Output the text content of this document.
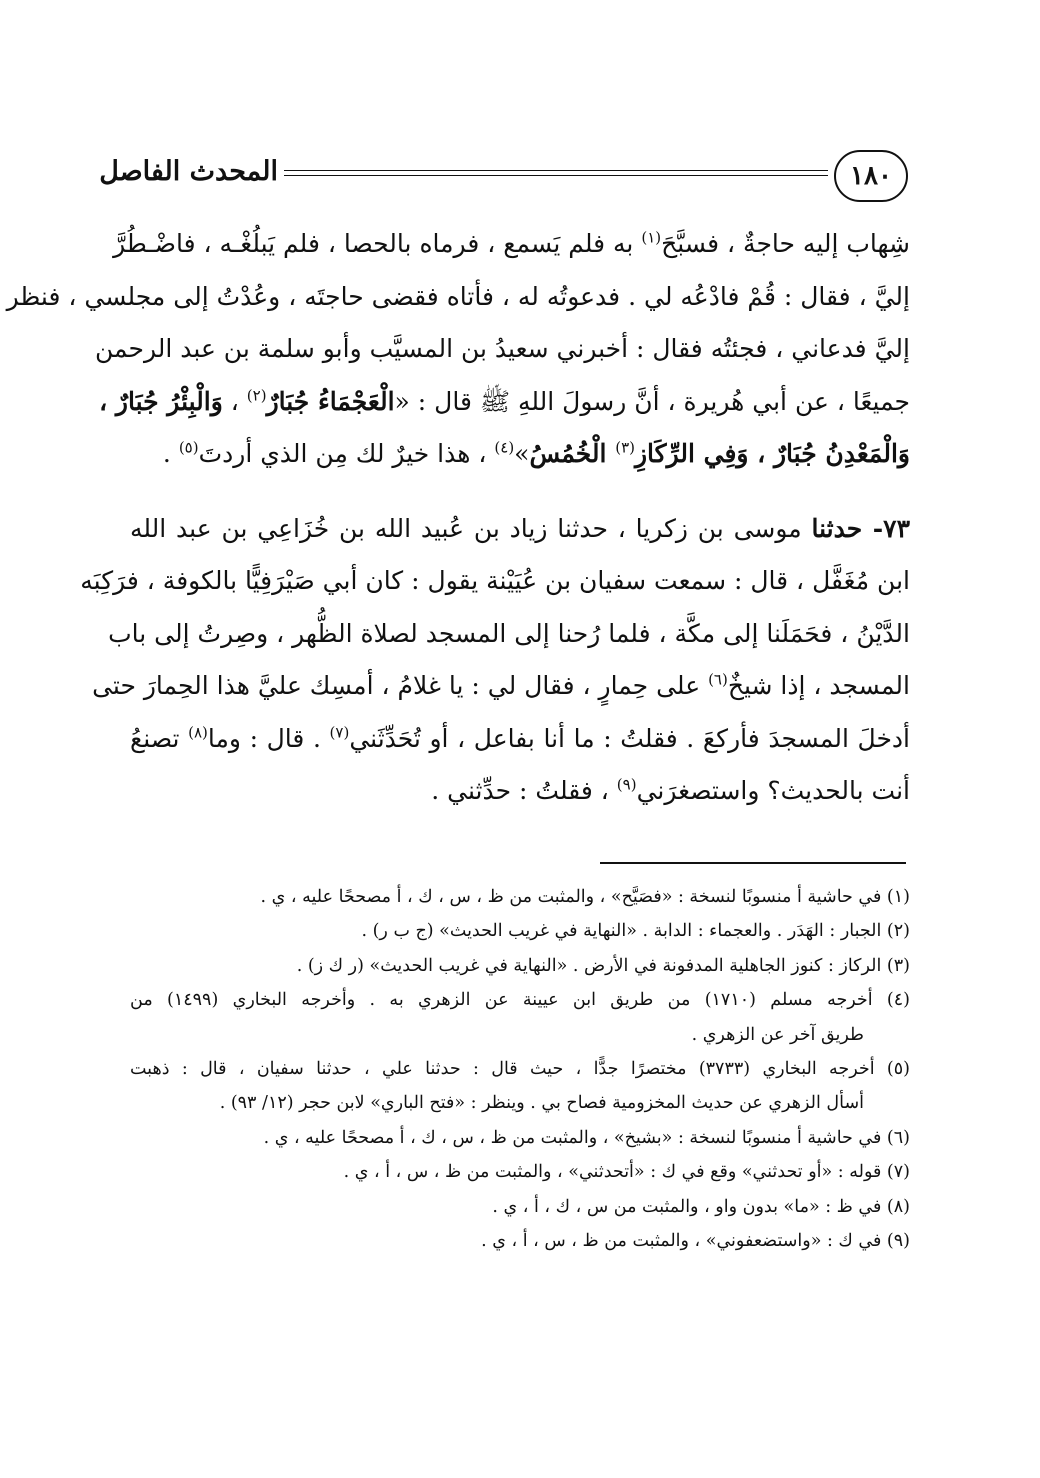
١٨٠
المحدث الفاصل

شِهاب إليه حاجةٌ ، فسبَّحَ$^{(١)}$ به فلم يَسمع ، فرماه بالحصا ، فلم يَبلُغْـه ، فاضْـطُرَّ
إليَّ ، فقال : قُمْ فادْعُه لي . فدعوتُه له ، فأتاه فقضى حاجتَه ، وعُدْتُ إلى مجلسي ، فنظر
إليَّ فدعاني ، فجئتُه فقال : أخبرني سعيدُ بن المسيَّب وأبو سلمة بن عبد الرحمن
جميعًا ، عن أبي هُريرة ، أنَّ رسولَ اللهِ ﷺ قال : «الْعَجْمَاءُ جُبَارٌ$^{(٢)}$ ، وَالْبِئْرُ جُبَارٌ ،
وَالْمَعْدِنُ جُبَارٌ ، وَفِي الرِّكَازِ$^{(٣)}$ الْخُمُسُ»$^{(٤)}$ ، هذا خيرٌ لك مِن الذي أردتَ$^{(٥)}$ .

٧٣- حدثنا موسى بن زكريا ، حدثنا زياد بن عُبيد الله بن خُزَاعِي بن عبد الله
ابن مُغَفَّل ، قال : سمعت سفيان بن عُيَيْنة يقول : كان أبي صَيْرَفِيًّا بالكوفة ، فرَكِبَه
الدَّيْنُ ، فحَمَلَنا إلى مكَّة ، فلما رُحنا إلى المسجد لصلاة الظُّهر ، وصِرتُ إلى باب
المسجد ، إذا شيخٌ$^{(٦)}$ على حِمارٍ ، فقال لي : يا غلامُ ، أمسِك عليَّ هذا الحِمارَ حتى
أدخلَ المسجدَ فأركعَ . فقلتُ : ما أنا بفاعل ، أو تُحَدِّثَني$^{(٧)}$ . قال : وما$^{(٨)}$ تصنعُ
أنت بالحديث؟ واستصغرَني$^{(٩)}$ ، فقلتُ : حدِّثني .

(١) في حاشية أ منسوبًا لنسخة : «فصَيَّح» ، والمثبت من ظ ، س ، ك ، أ مصححًا عليه ، ي .
(٢) الجبار : الهَدَر . والعجماء : الدابة . «النهاية في غريب الحديث» (ج ب ر) .
(٣) الركاز : كنوز الجاهلية المدفونة في الأرض . «النهاية في غريب الحديث» (ر ك ز) .
(٤) أخرجه مسلم (١٧١٠) من طريق ابن عيينة عن الزهري به . وأخرجه البخاري (١٤٩٩) من
طريق آخر عن الزهري .
(٥) أخرجه البخاري (٣٧٣٣) مختصرًا جدًّا ، حيث قال : حدثنا علي ، حدثنا سفيان ، قال : ذهبت
أسأل الزهري عن حديث المخزومية فصاح بي . وينظر : «فتح الباري» لابن حجر (١٢/ ٩٣) .
(٦) في حاشية أ منسوبًا لنسخة : «بشيخ» ، والمثبت من ظ ، س ، ك ، أ مصححًا عليه ، ي .
(٧) قوله : «أو تحدثني» وقع في ك : «أتحدثني» ، والمثبت من ظ ، س ، أ ، ي .
(٨) في ظ : «ما» بدون واو ، والمثبت من س ، ك ، أ ، ي .
(٩) في ك : «واستضعفوني» ، والمثبت من ظ ، س ، أ ، ي .
